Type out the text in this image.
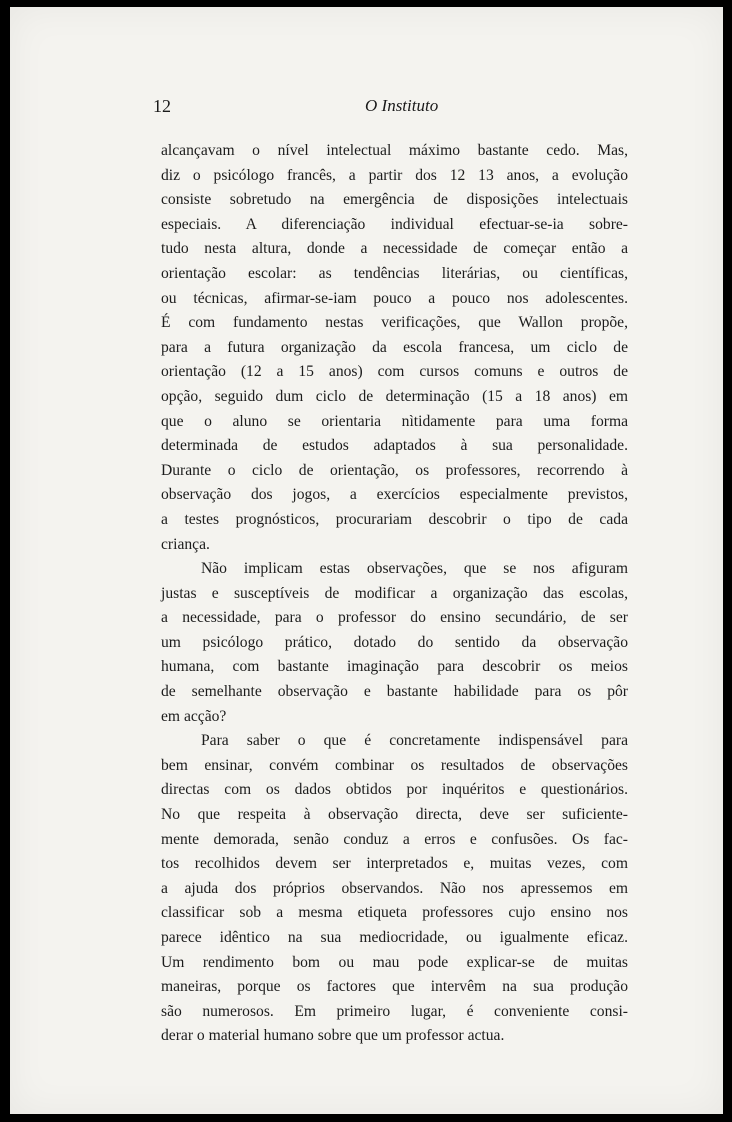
12	O Instituto
alcançavam o nível intelectual máximo bastante cedo. Mas,
diz o psicólogo francês, a partir dos 12 13 anos, a evolução
consiste sobretudo na emergência de disposições intelectuais
especiais. A diferenciação individual efectuar-se-ia sobre-
tudo nesta altura, donde a necessidade de começar então a
orientação escolar: as tendências literárias, ou científicas,
ou técnicas, afirmar-se-iam pouco a pouco nos adolescentes.
É com fundamento nestas verificações, que Wallon propõe,
para a futura organização da escola francesa, um ciclo de
orientação (12 a 15 anos) com cursos comuns e outros de
opção, seguido dum ciclo de determinação (15 a 18 anos) em
que o aluno se orientaria nìtidamente para uma forma
determinada de estudos adaptados à sua personalidade.
Durante o ciclo de orientação, os professores, recorrendo à
observação dos jogos, a exercícios especialmente previstos,
a testes prognósticos, procurariam descobrir o tipo de cada
criança.
Não implicam estas observações, que se nos afiguram
justas e susceptíveis de modificar a organização das escolas,
a necessidade, para o professor do ensino secundário, de ser
um psicólogo prático, dotado do sentido da observação
humana, com bastante imaginação para descobrir os meios
de semelhante observação e bastante habilidade para os pôr
em acção?
Para saber o que é concretamente indispensável para
bem ensinar, convém combinar os resultados de observações
directas com os dados obtidos por inquéritos e questionários.
No que respeita à observação directa, deve ser suficiente-
mente demorada, senão conduz a erros e confusões. Os fac-
tos recolhidos devem ser interpretados e, muitas vezes, com
a ajuda dos próprios observandos. Não nos apressemos em
classificar sob a mesma etiqueta professores cujo ensino nos
parece idêntico na sua mediocridade, ou igualmente eficaz.
Um rendimento bom ou mau pode explicar-se de muitas
maneiras, porque os factores que intervêm na sua produção
são numerosos. Em primeiro lugar, é conveniente consi-
derar o material humano sobre que um professor actua.
